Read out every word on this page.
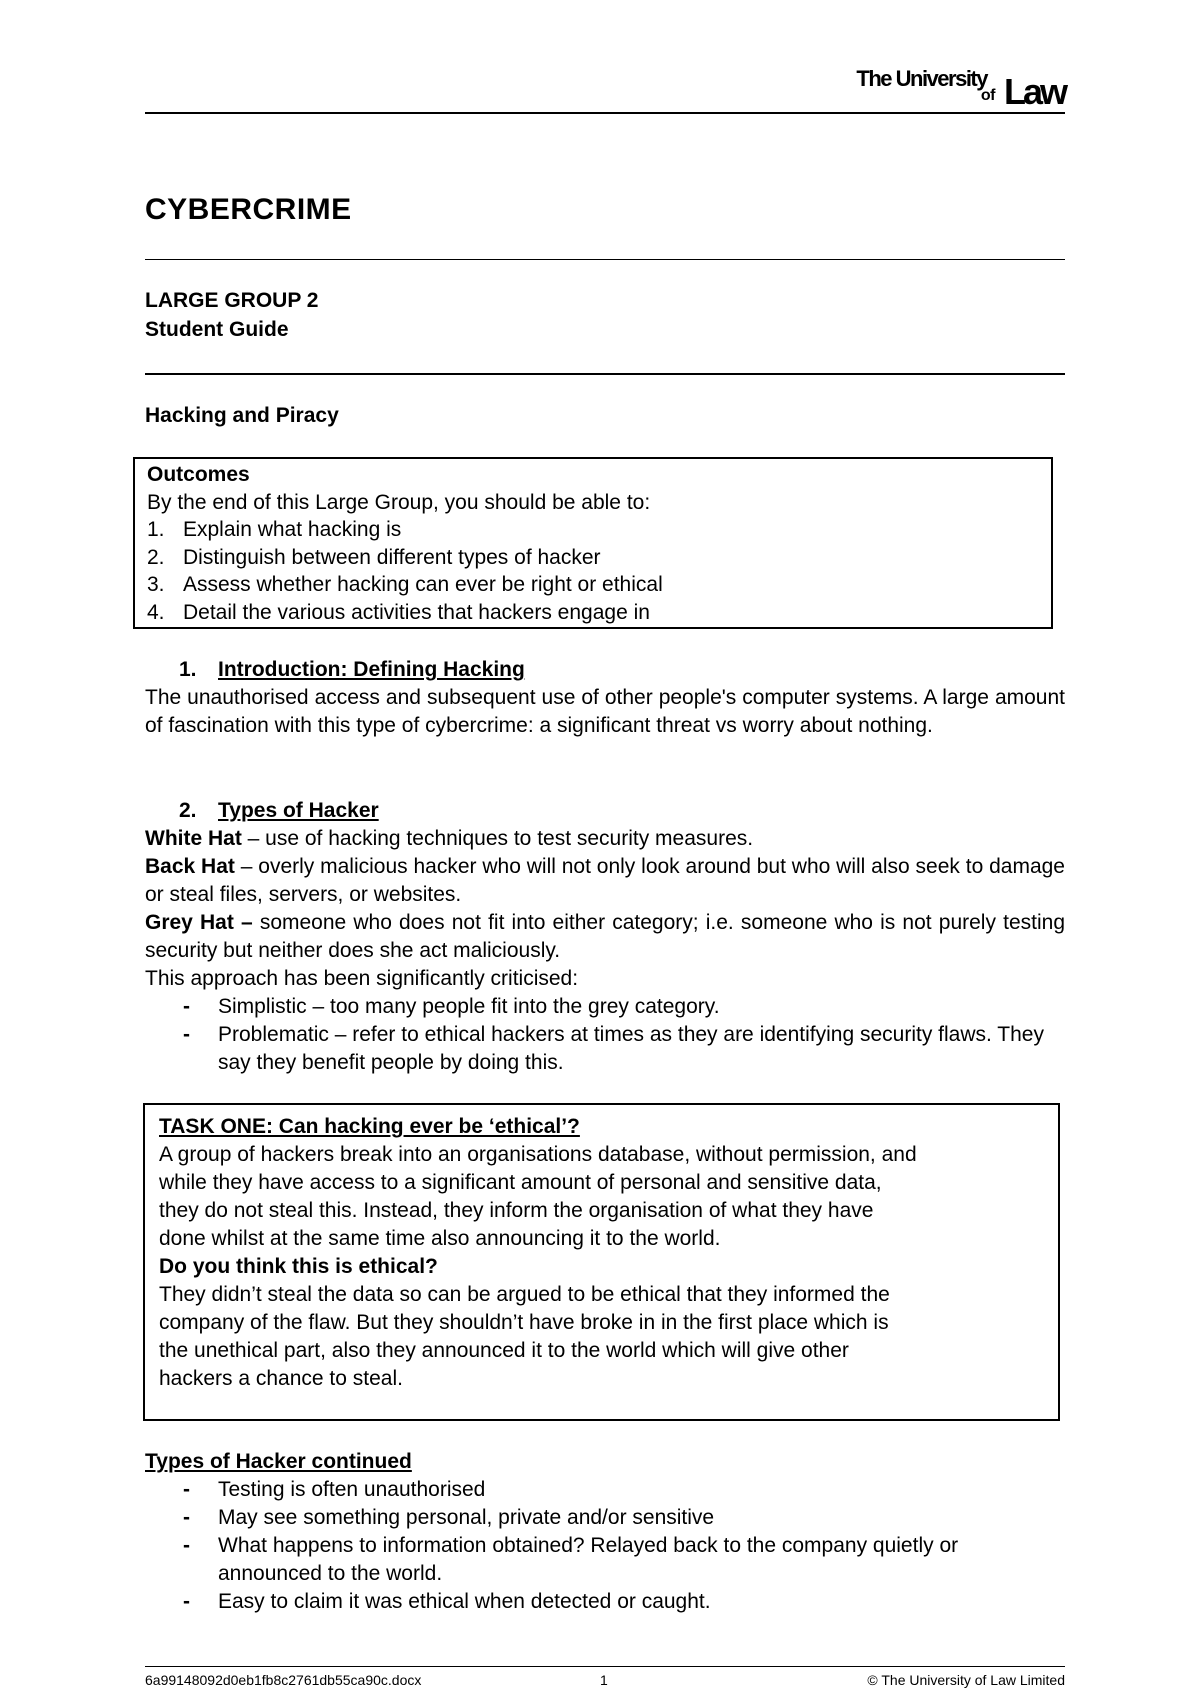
The University
of Law
CYBERCRIME
LARGE GROUP 2
Student Guide
Hacking and Piracy
Outcomes
By the end of this Large Group, you should be able to:
1. Explain what hacking is
2. Distinguish between different types of hacker
3. Assess whether hacking can ever be right or ethical
4. Detail the various activities that hackers engage in
1. Introduction: Defining Hacking
The unauthorised access and subsequent use of other people's computer systems. A large amount of fascination with this type of cybercrime: a significant threat vs worry about nothing.
2. Types of Hacker
White Hat – use of hacking techniques to test security measures.
Back Hat – overly malicious hacker who will not only look around but who will also seek to damage or steal files, servers, or websites.
Grey Hat – someone who does not fit into either category; i.e. someone who is not purely testing security but neither does she act maliciously.
This approach has been significantly criticised:
- Simplistic – too many people fit into the grey category.
- Problematic – refer to ethical hackers at times as they are identifying security flaws. They say they benefit people by doing this.
TASK ONE: Can hacking ever be ‘ethical’?
A group of hackers break into an organisations database, without permission, and
while they have access to a significant amount of personal and sensitive data,
they do not steal this. Instead, they inform the organisation of what they have
done whilst at the same time also announcing it to the world.
Do you think this is ethical?
They didn’t steal the data so can be argued to be ethical that they informed the
company of the flaw. But they shouldn’t have broke in in the first place which is
the unethical part, also they announced it to the world which will give other
hackers a chance to steal.
Types of Hacker continued
- Testing is often unauthorised
- May see something personal, private and/or sensitive
- What happens to information obtained? Relayed back to the company quietly or announced to the world.
- Easy to claim it was ethical when detected or caught.
6a99148092d0eb1fb8c2761db55ca90c.docx	1	© The University of Law Limited
